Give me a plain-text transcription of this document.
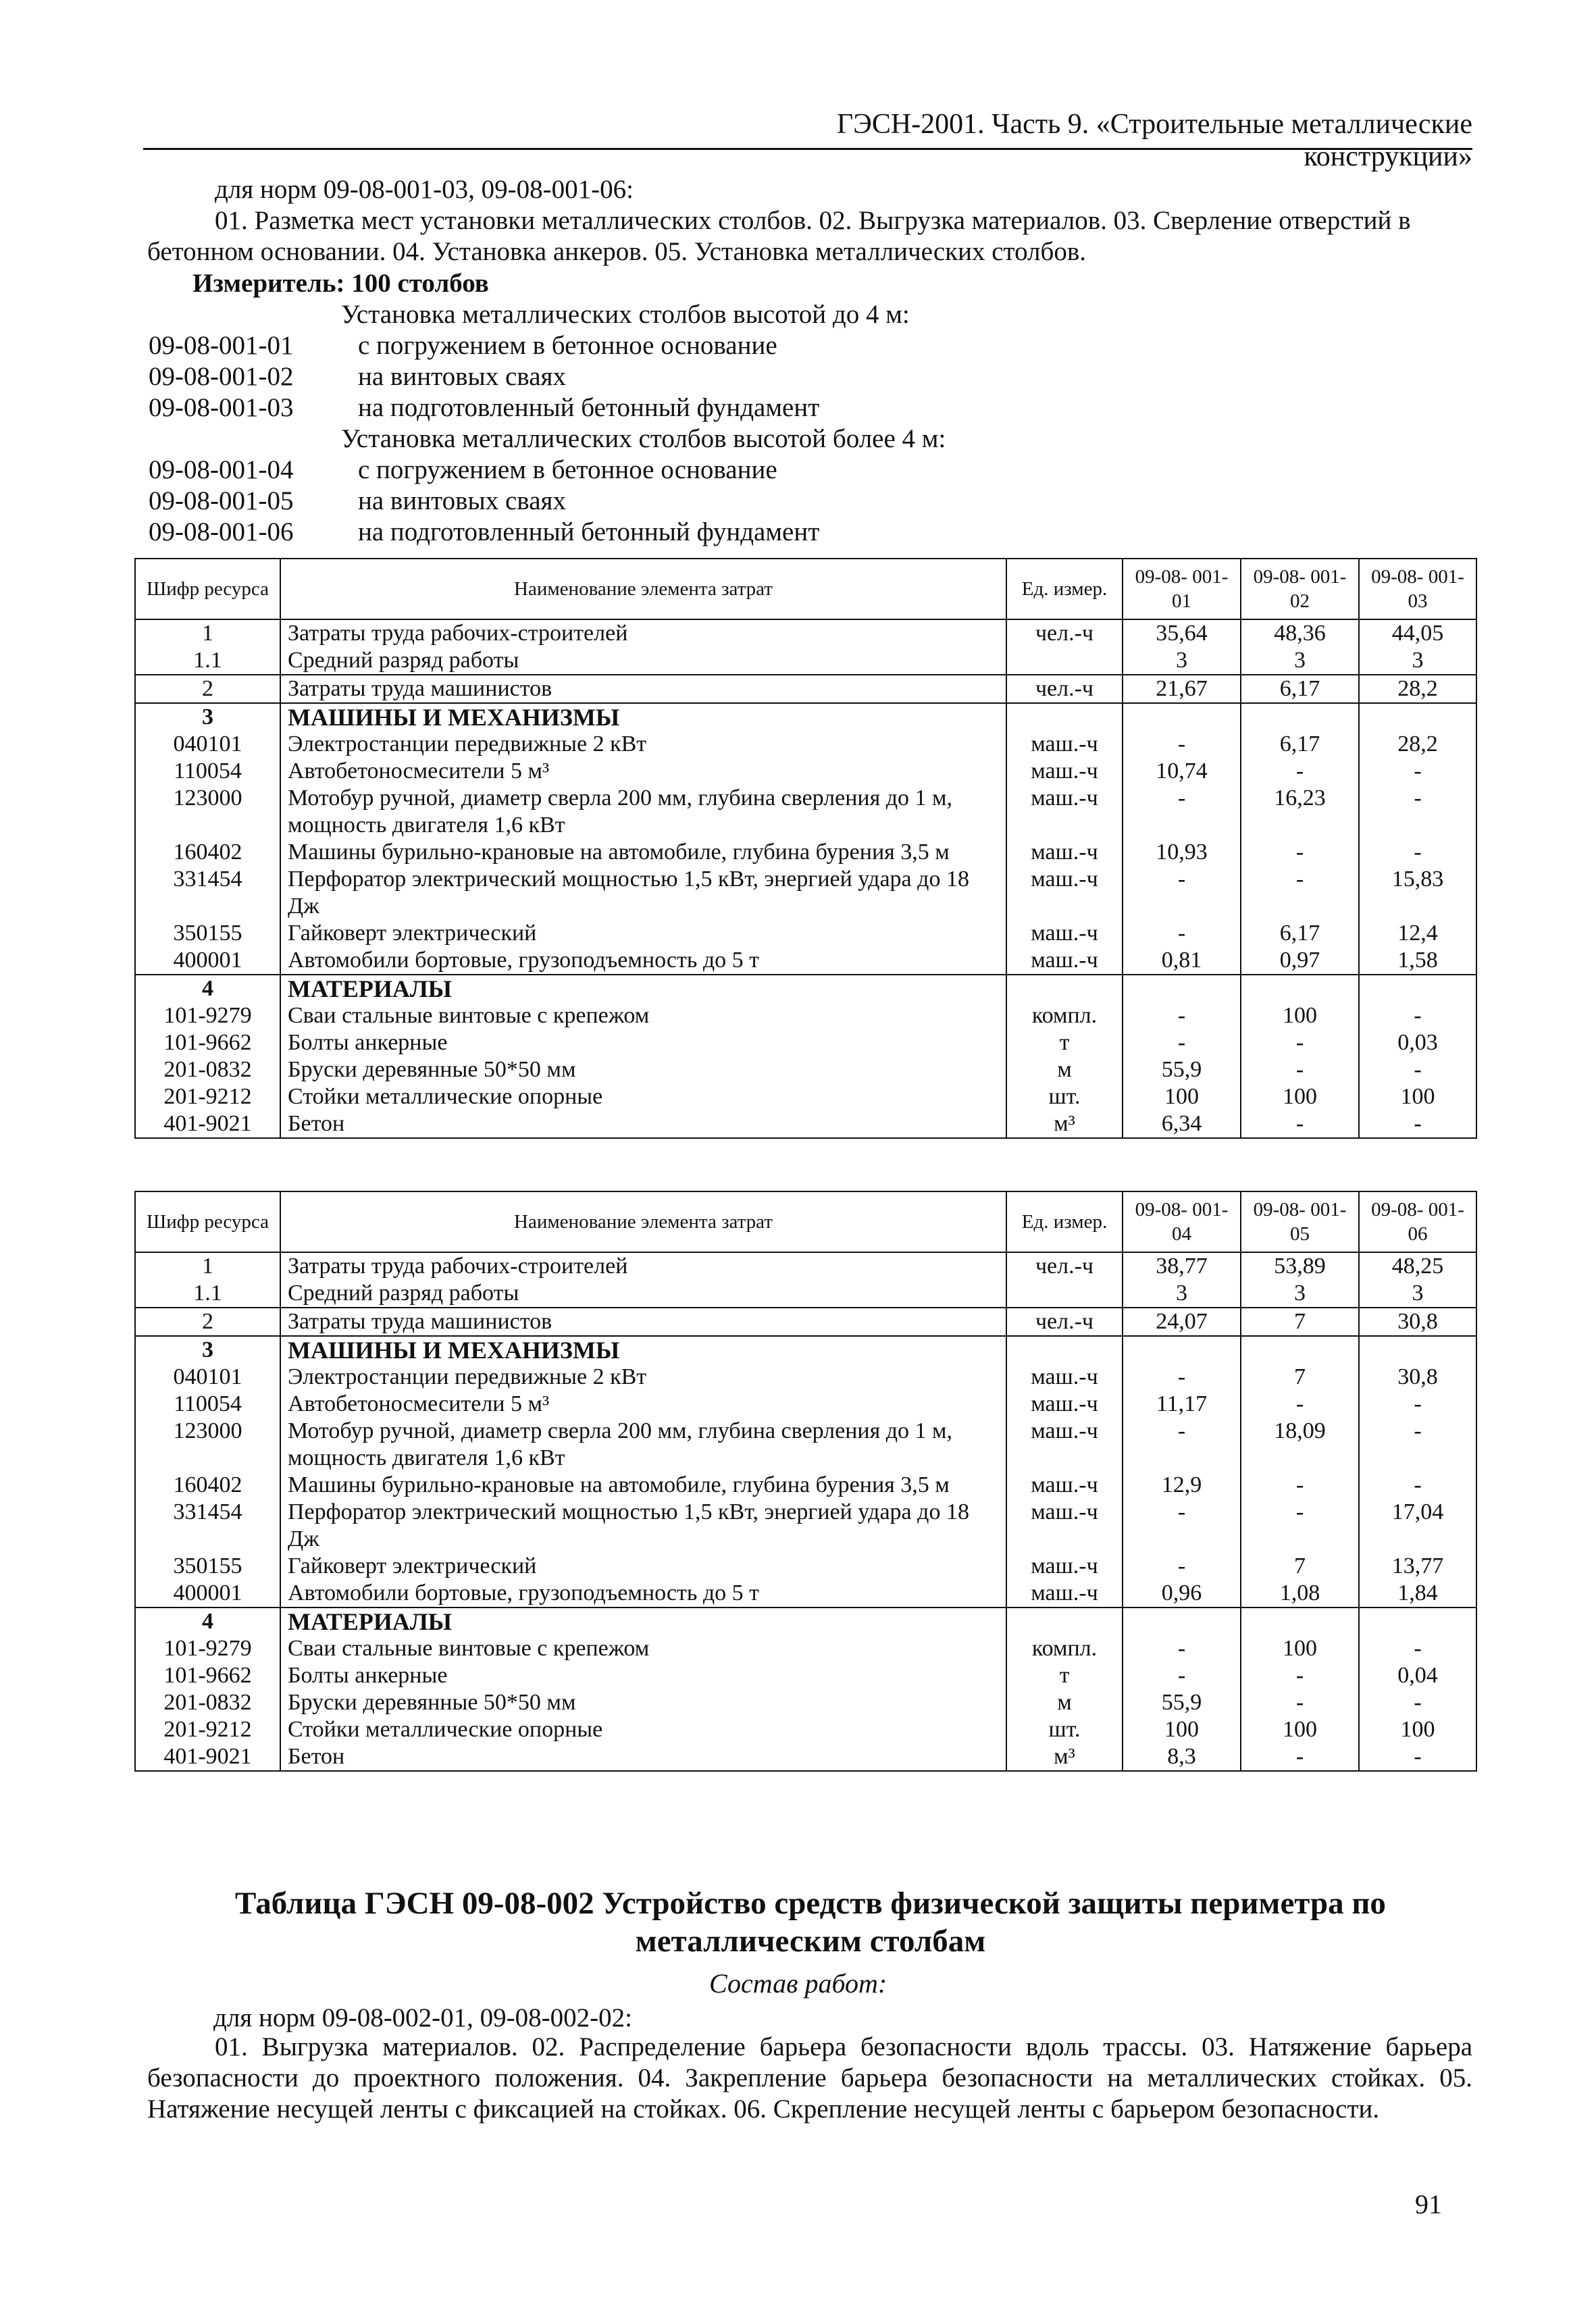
ГЭСН-2001. Часть 9. «Строительные металлические конструкции»
для норм 09-08-001-03, 09-08-001-06:
01. Разметка мест установки металлических столбов. 02. Выгрузка материалов. 03. Сверление отверстий в
бетонном основании. 04. Установка анкеров. 05. Установка металлических столбов.
Измеритель: 100 столбов
Установка металлических столбов высотой до 4 м:
09-08-001-01 с погружением в бетонное основание
09-08-001-02 на винтовых сваях
09-08-001-03 на подготовленный бетонный фундамент
Установка металлических столбов высотой более 4 м:
09-08-001-04 с погружением в бетонное основание
09-08-001-05 на винтовых сваях
09-08-001-06 на подготовленный бетонный фундамент
Шифр ресурса	Наименование элемента затрат	Ед. измер.	09-08- 001-01	09-08- 001-02	09-08- 001-03
1	Затраты труда рабочих-строителей	чел.-ч	35,64	48,36	44,05
1.1	Средний разряд работы		3	3	3
2	Затраты труда машинистов	чел.-ч	21,67	6,17	28,2
3	МАШИНЫ И МЕХАНИЗМЫ				
040101	Электростанции передвижные 2 кВт	маш.-ч	-	6,17	28,2
110054	Автобетоносмесители 5 м³	маш.-ч	10,74	-	-
123000	Мотобур ручной, диаметр сверла 200 мм, глубина сверления до 1 м, мощность двигателя 1,6 кВт	маш.-ч	-	16,23	-
160402	Машины бурильно-крановые на автомобиле, глубина бурения 3,5 м	маш.-ч	10,93	-	-
331454	Перфоратор электрический мощностью 1,5 кВт, энергией удара до 18 Дж	маш.-ч	-	-	15,83
350155	Гайковерт электрический	маш.-ч	-	6,17	12,4
400001	Автомобили бортовые, грузоподъемность до 5 т	маш.-ч	0,81	0,97	1,58
4	МАТЕРИАЛЫ				
101-9279	Сваи стальные винтовые с крепежом	компл.	-	100	-
101-9662	Болты анкерные	т	-	-	0,03
201-0832	Бруски деревянные 50*50 мм	м	55,9	-	-
201-9212	Стойки металлические опорные	шт.	100	100	100
401-9021	Бетон	м³	6,34	-	-
Шифр ресурса	Наименование элемента затрат	Ед. измер.	09-08- 001-04	09-08- 001-05	09-08- 001-06
1	Затраты труда рабочих-строителей	чел.-ч	38,77	53,89	48,25
1.1	Средний разряд работы		3	3	3
2	Затраты труда машинистов	чел.-ч	24,07	7	30,8
3	МАШИНЫ И МЕХАНИЗМЫ				
040101	Электростанции передвижные 2 кВт	маш.-ч	-	7	30,8
110054	Автобетоносмесители 5 м³	маш.-ч	11,17	-	-
123000	Мотобур ручной, диаметр сверла 200 мм, глубина сверления до 1 м, мощность двигателя 1,6 кВт	маш.-ч	-	18,09	-
160402	Машины бурильно-крановые на автомобиле, глубина бурения 3,5 м	маш.-ч	12,9	-	-
331454	Перфоратор электрический мощностью 1,5 кВт, энергией удара до 18 Дж	маш.-ч	-	-	17,04
350155	Гайковерт электрический	маш.-ч	-	7	13,77
400001	Автомобили бортовые, грузоподъемность до 5 т	маш.-ч	0,96	1,08	1,84
4	МАТЕРИАЛЫ				
101-9279	Сваи стальные винтовые с крепежом	компл.	-	100	-
101-9662	Болты анкерные	т	-	-	0,04
201-0832	Бруски деревянные 50*50 мм	м	55,9	-	-
201-9212	Стойки металлические опорные	шт.	100	100	100
401-9021	Бетон	м³	8,3	-	-
Таблица ГЭСН 09-08-002 Устройство средств физической защиты периметра по металлическим столбам
Состав работ:
для норм 09-08-002-01, 09-08-002-02:
01. Выгрузка материалов. 02. Распределение барьера безопасности вдоль трассы. 03. Натяжение барьера безопасности до проектного положения. 04. Закрепление барьера безопасности на металлических стойках. 05. Натяжение несущей ленты с фиксацией на стойках. 06. Скрепление несущей ленты с барьером безопасности.
91
